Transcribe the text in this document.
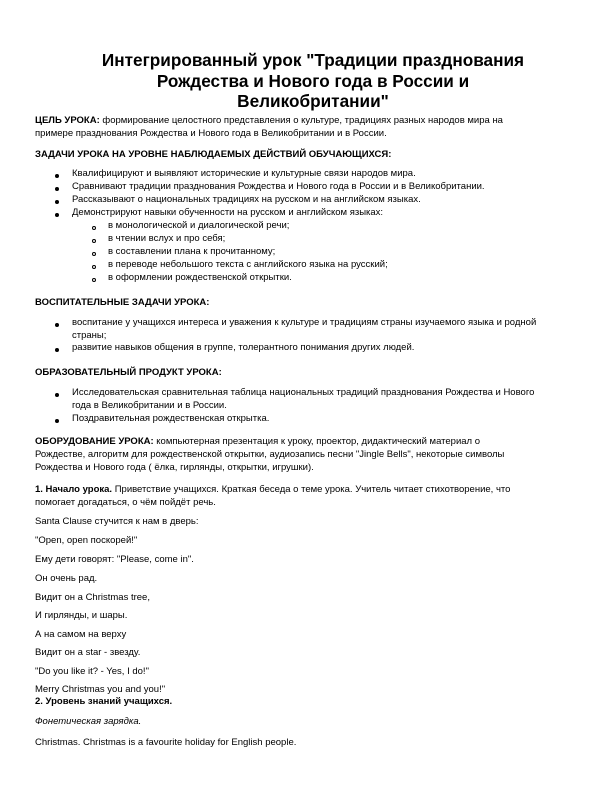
Интегрированный урок "Традиции празднования
Рождества и Нового года в России и
Великобритании"
ЦЕЛЬ УРОКА: формирование целостного представления о культуре, традициях разных народов мира на
примере празднования Рождества и Нового года в Великобритании и в России.
ЗАДАЧИ УРОКА НА УРОВНЕ НАБЛЮДАЕМЫХ ДЕЙСТВИЙ ОБУЧАЮЩИХСЯ:
Квалифицируют и выявляют исторические и культурные связи народов мира.
Сравнивают традиции празднования Рождества и Нового года в России и в Великобритании.
Рассказывают о национальных традициях на русском и на английском языках.
Демонстрируют навыки обученности на русском и английском языках:
в монологической и диалогической речи;
в чтении вслух и про себя;
в составлении плана к прочитанному;
в переводе небольшого текста с английского языка на русский;
в оформлении рождественской открытки.
ВОСПИТАТЕЛЬНЫЕ ЗАДАЧИ УРОКА:
воспитание у учащихся интереса и уважения к культуре и традициям страны изучаемого языка и родной
страны;
развитие навыков общения в группе, толерантного понимания других людей.
ОБРАЗОВАТЕЛЬНЫЙ ПРОДУКТ УРОКА:
Исследовательская сравнительная таблица национальных традиций празднования Рождества и Нового
года в Великобритании и в России.
Поздравительная рождественская открытка.
ОБОРУДОВАНИЕ УРОКА: компьютерная презентация к уроку, проектор, дидактический материал о
Рождестве, алгоритм для рождественской открытки, аудиозапись песни "Jingle Bells", некоторые символы
Рождества и Нового года ( ёлка, гирлянды, открытки, игрушки).
1. Начало урока. Приветствие учащихся. Краткая беседа о теме урока. Учитель читает стихотворение, что
помогает догадаться, о чём пойдёт речь.
Santa Clause стучится к нам в дверь:
"Open, open поскорей!"
Ему дети говорят: "Please, come in".
Он очень рад.
Видит он a Christmas tree,
И гирлянды, и шары.
А на самом на верху
Видит он a star - звезду.
"Do you like it? - Yes, I do!"
Merry Christmas you and you!"
2. Уровень знаний учащихся.
Фонетическая зарядка.
Christmas. Christmas is a favourite holiday for English people.
